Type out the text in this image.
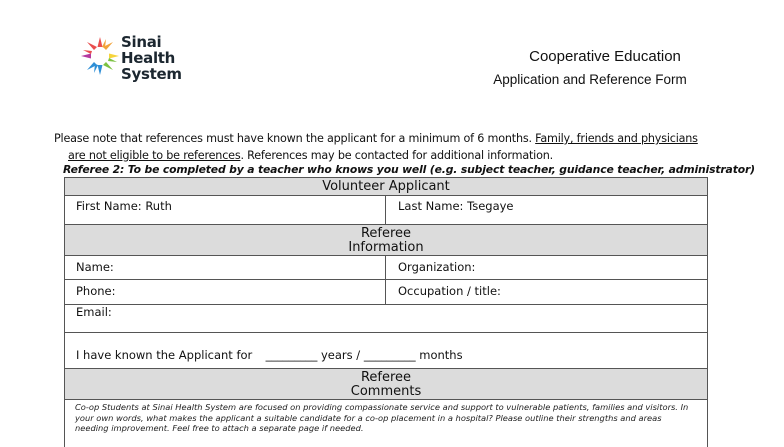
Sinai
Health
System
Cooperative Education
Application and Reference Form
Please note that references must have known the applicant for a minimum of 6 months. Family, friends and physicians
are not eligible to be references. References may be contacted for additional information.
Referee 2: To be completed by a teacher who knows you well (e.g. subject teacher, guidance teacher, administrator)
Volunteer Applicant
First Name: Ruth	Last Name: Tsegaye
Referee
Information
Name:	Organization:
Phone:	Occupation / title:
Email:
I have known the Applicant for _________ years / _________ months
Referee
Comments
Co-op Students at Sinai Health System are focused on providing compassionate service and support to vulnerable patients, families and visitors. In your own words, what makes the applicant a suitable candidate for a co-op placement in a hospital? Please outline their strengths and areas needing improvement. Feel free to attach a separate page if needed.
